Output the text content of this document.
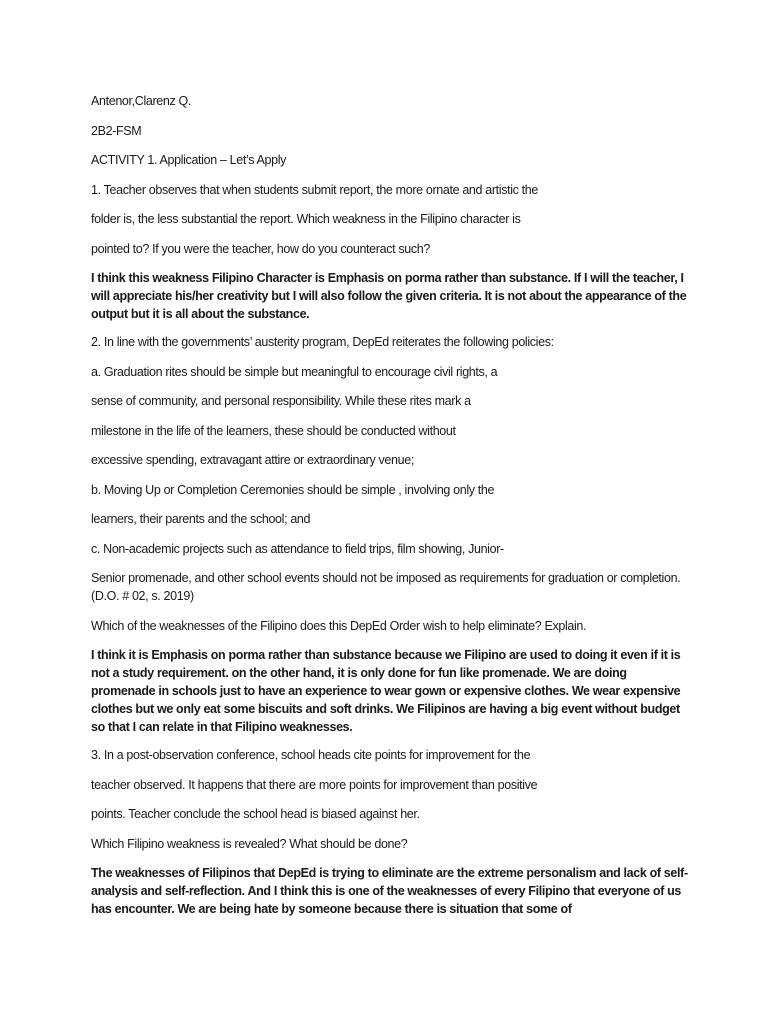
Antenor,Clarenz Q.

2B2-FSM

ACTIVITY 1. Application – Let’s Apply

1. Teacher observes that when students submit report, the more ornate and artistic the

folder is, the less substantial the report. Which weakness in the Filipino character is

pointed to? If you were the teacher, how do you counteract such?

I think this weakness Filipino Character is Emphasis on porma rather than substance. If I will the teacher, I will appreciate his/her creativity but I will also follow the given criteria. It is not about the appearance of the output but it is all about the substance.

2. In line with the governments’ austerity program, DepEd reiterates the following policies:

a. Graduation rites should be simple but meaningful to encourage civil rights, a

sense of community, and personal responsibility. While these rites mark a

milestone in the life of the learners, these should be conducted without

excessive spending, extravagant attire or extraordinary venue;

b. Moving Up or Completion Ceremonies should be simple , involving only the

learners, their parents and the school; and

c. Non-academic projects such as attendance to field trips, film showing, Junior-

Senior promenade, and other school events should not be imposed as requirements for graduation or completion. (D.O. # 02, s. 2019)

Which of the weaknesses of the Filipino does this DepEd Order wish to help eliminate? Explain.

I think it is Emphasis on porma rather than substance because we Filipino are used to doing it even if it is not a study requirement. on the other hand, it is only done for fun like promenade. We are doing promenade in schools just to have an experience to wear gown or expensive clothes. We wear expensive clothes but we only eat some biscuits and soft drinks. We Filipinos are having a big event without budget so that I can relate in that Filipino weaknesses.

3. In a post-observation conference, school heads cite points for improvement for the

teacher observed. It happens that there are more points for improvement than positive

points. Teacher conclude the school head is biased against her.

Which Filipino weakness is revealed? What should be done?

The weaknesses of Filipinos that DepEd is trying to eliminate are the extreme personalism and lack of self-analysis and self-reflection. And I think this is one of the weaknesses of every Filipino that everyone of us has encounter. We are being hate by someone because there is situation that some of
